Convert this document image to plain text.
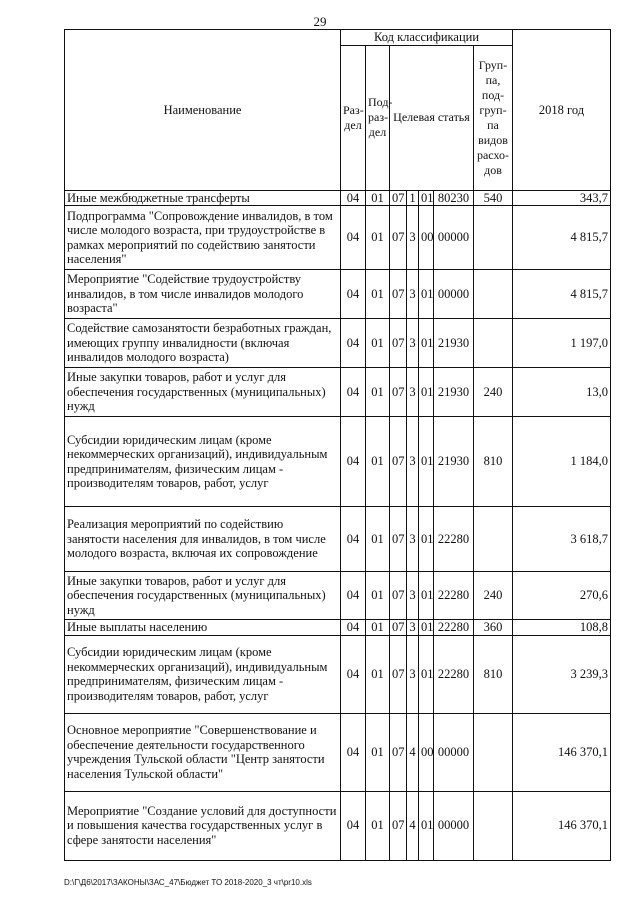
29
Наименование	Код классификации							2018 год
	Раз-дел	Под-раз-дел	Целевая статья				Груп-па, под-груп-па видов расхо-дов	
Иные межбюджетные трансферты	04	01	07	1	01	80230	540	343,7
Подпрограмма "Сопровождение инвалидов, в том числе молодого возраста, при трудоустройстве в рамках мероприятий по содействию занятости населения"	04	01	07	3	00	00000		4 815,7
Мероприятие "Содействие трудоустройству инвалидов, в том числе инвалидов молодого возраста"	04	01	07	3	01	00000		4 815,7
Содействие самозанятости безработных граждан, имеющих группу инвалидности (включая инвалидов молодого возраста)	04	01	07	3	01	21930		1 197,0
Иные закупки товаров, работ и услуг для обеспечения государственных (муниципальных) нужд	04	01	07	3	01	21930	240	13,0
Субсидии юридическим лицам (кроме некоммерческих организаций), индивидуальным предпринимателям, физическим лицам - производителям товаров, работ, услуг	04	01	07	3	01	21930	810	1 184,0
Реализация мероприятий по содействию занятости населения для инвалидов, в том числе молодого возраста, включая их сопровождение	04	01	07	3	01	22280		3 618,7
Иные закупки товаров, работ и услуг для обеспечения государственных (муниципальных) нужд	04	01	07	3	01	22280	240	270,6
Иные выплаты населению	04	01	07	3	01	22280	360	108,8
Субсидии юридическим лицам (кроме некоммерческих организаций), индивидуальным предпринимателям, физическим лицам - производителям товаров, работ, услуг	04	01	07	3	01	22280	810	3 239,3
Основное мероприятие "Совершенствование и обеспечение деятельности государственного учреждения Тульской области "Центр занятости населения Тульской области"	04	01	07	4	00	00000		146 370,1
Мероприятие "Создание условий для доступности и повышения качества государственных услуг в сфере занятости населения"	04	01	07	4	01	00000		146 370,1
D:\Г\Д6\2017\ЗАКОНЫ\ЗАС_47\Бюджет ТО 2018-2020_3 чт\pr10.xls
